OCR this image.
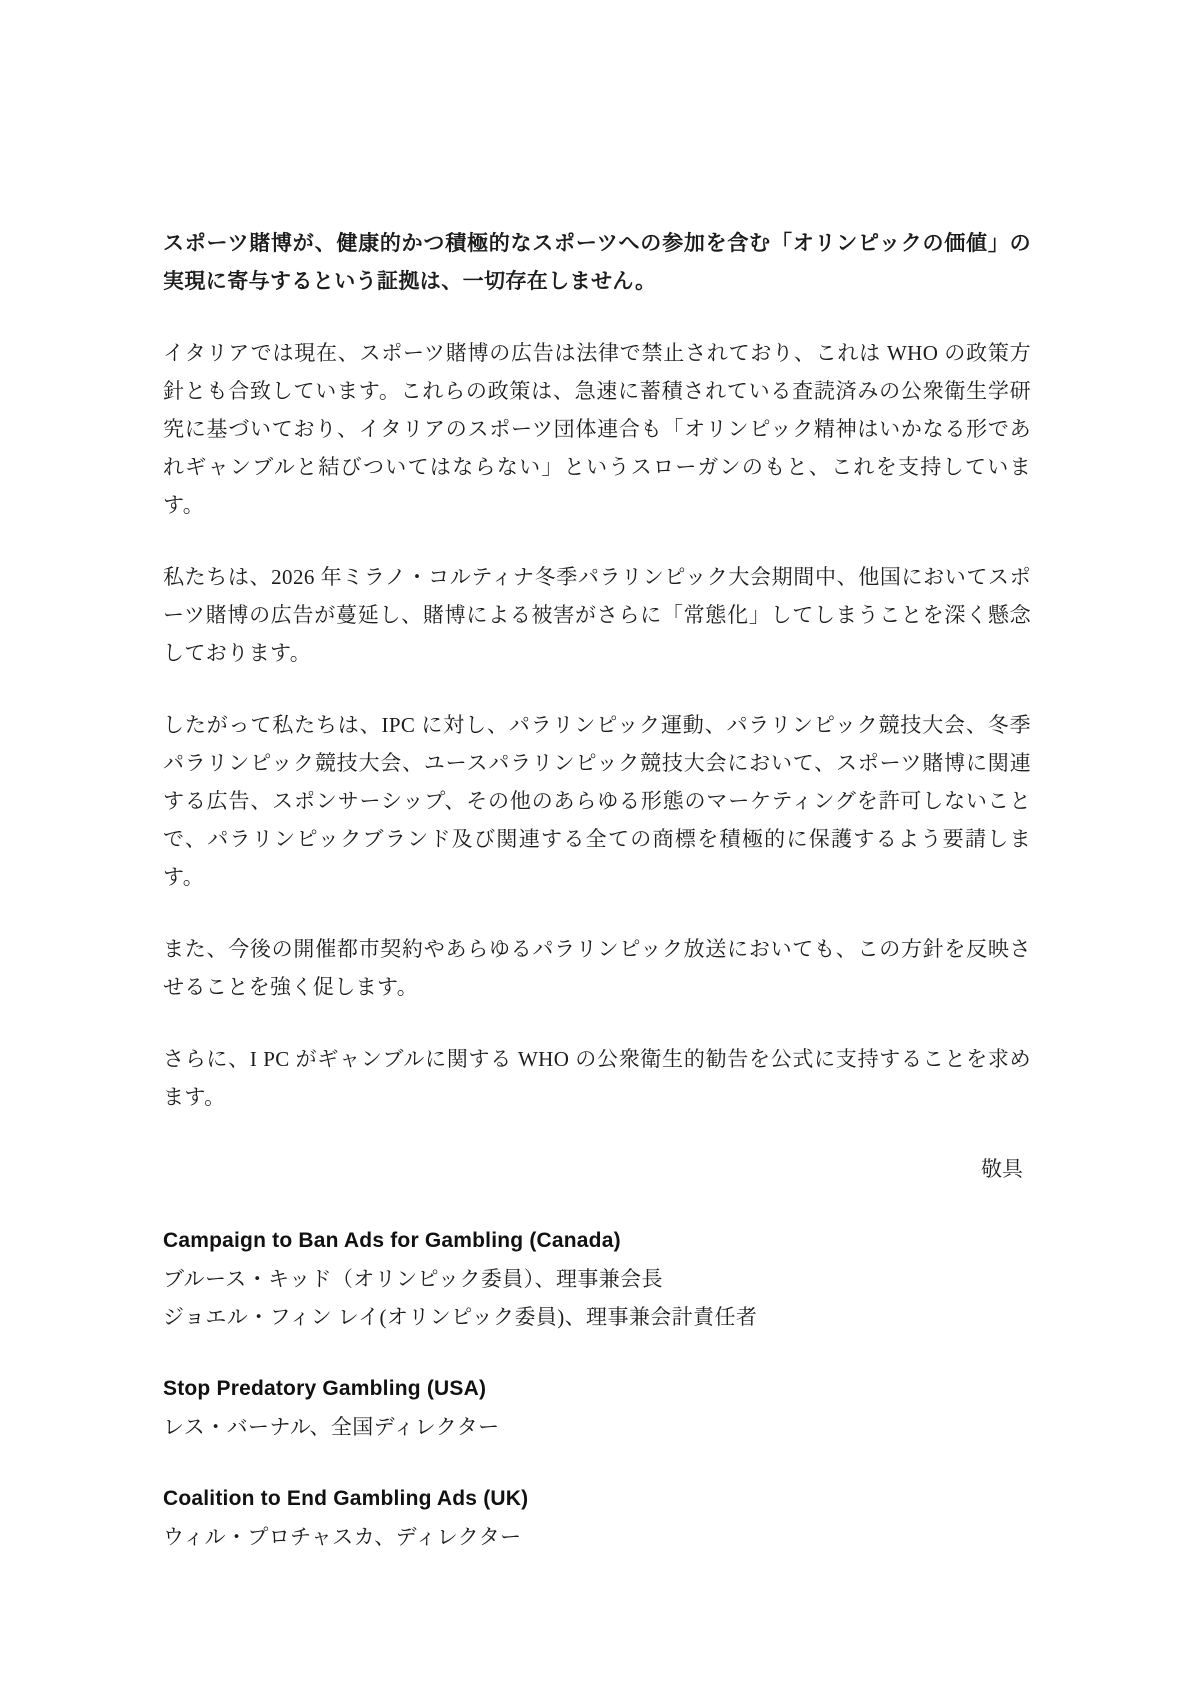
スポーツ賭博が、健康的かつ積極的なスポーツへの参加を含む「オリンピックの価値」の実現に寄与するという証拠は、一切存在しません。

イタリアでは現在、スポーツ賭博の広告は法律で禁止されており、これは WHO の政策方針とも合致しています。これらの政策は、急速に蓄積されている査読済みの公衆衛生学研究に基づいており、イタリアのスポーツ団体連合も「オリンピック精神はいかなる形であれギャンブルと結びついてはならない」というスローガンのもと、これを支持しています。

私たちは、2026 年ミラノ・コルティナ冬季パラリンピック大会期間中、他国においてスポーツ賭博の広告が蔓延し、賭博による被害がさらに「常態化」してしまうことを深く懸念しております。

したがって私たちは、IPC に対し、パラリンピック運動、パラリンピック競技大会、冬季パラリンピック競技大会、ユースパラリンピック競技大会において、スポーツ賭博に関連する広告、スポンサーシップ、その他のあらゆる形態のマーケティングを許可しないことで、パラリンピックブランド及び関連する全ての商標を積極的に保護するよう要請します。

また、今後の開催都市契約やあらゆるパラリンピック放送においても、この方針を反映させることを強く促します。

さらに、I PC がギャンブルに関する WHO の公衆衛生的勧告を公式に支持することを求めます。

敬具

Campaign to Ban Ads for Gambling (Canada)
ブルース・キッド（オリンピック委員）、理事兼会長
ジョエル・フィン レイ(オリンピック委員)、理事兼会計責任者
Stop Predatory Gambling (USA)
レス・バーナル、全国ディレクター
Coalition to End Gambling Ads (UK)
ウィル・プロチャスカ、ディレクター
